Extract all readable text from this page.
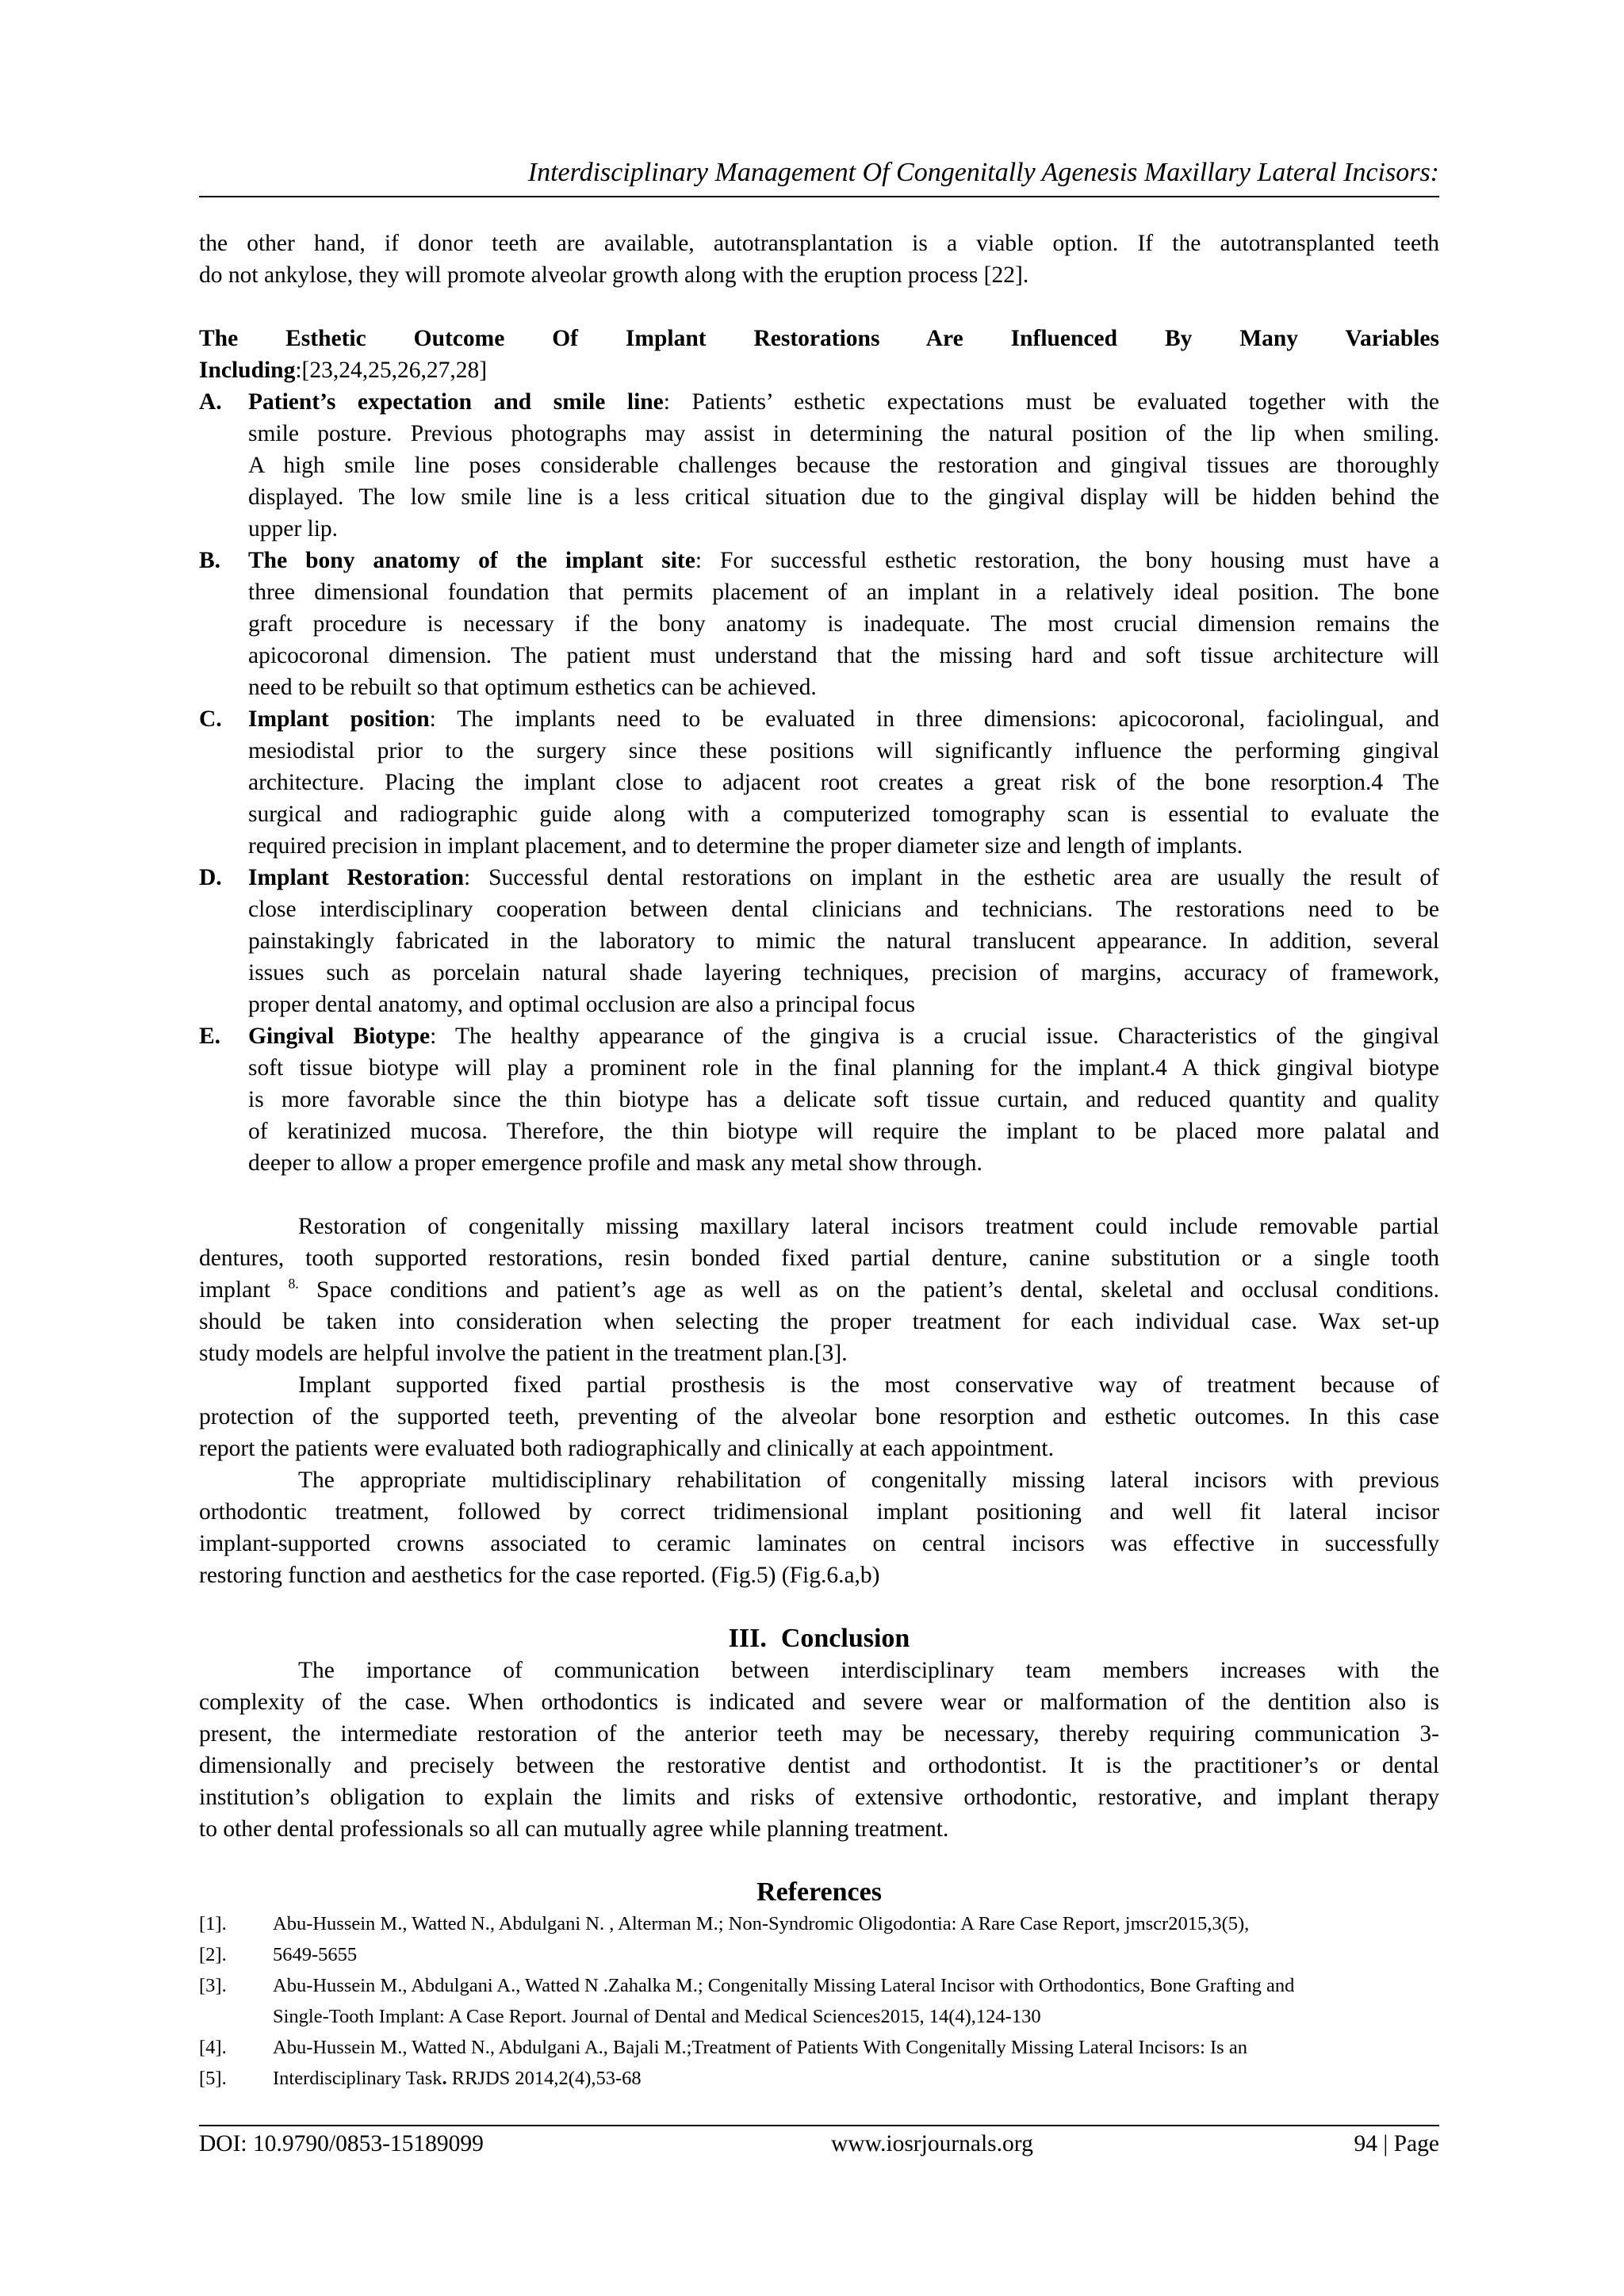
Interdisciplinary Management Of Congenitally Agenesis Maxillary Lateral Incisors:
the other hand, if donor teeth are available, autotransplantation is a viable option. If the autotransplanted teeth
do not ankylose, they will promote alveolar growth along with the eruption process [22].
The Esthetic Outcome Of Implant Restorations Are Influenced By Many Variables
Including:[23,24,25,26,27,28]
A. Patient’s expectation and smile line: Patients’ esthetic expectations must be evaluated together with the
smile posture. Previous photographs may assist in determining the natural position of the lip when smiling.
A high smile line poses considerable challenges because the restoration and gingival tissues are thoroughly
displayed. The low smile line is a less critical situation due to the gingival display will be hidden behind the
upper lip.
B. The bony anatomy of the implant site: For successful esthetic restoration, the bony housing must have a
three dimensional foundation that permits placement of an implant in a relatively ideal position. The bone
graft procedure is necessary if the bony anatomy is inadequate. The most crucial dimension remains the
apicocoronal dimension. The patient must understand that the missing hard and soft tissue architecture will
need to be rebuilt so that optimum esthetics can be achieved.
C. Implant position: The implants need to be evaluated in three dimensions: apicocoronal, faciolingual, and
mesiodistal prior to the surgery since these positions will significantly influence the performing gingival
architecture. Placing the implant close to adjacent root creates a great risk of the bone resorption.4 The
surgical and radiographic guide along with a computerized tomography scan is essential to evaluate the
required precision in implant placement, and to determine the proper diameter size and length of implants.
D. Implant Restoration: Successful dental restorations on implant in the esthetic area are usually the result of
close interdisciplinary cooperation between dental clinicians and technicians. The restorations need to be
painstakingly fabricated in the laboratory to mimic the natural translucent appearance. In addition, several
issues such as porcelain natural shade layering techniques, precision of margins, accuracy of framework,
proper dental anatomy, and optimal occlusion are also a principal focus
E. Gingival Biotype: The healthy appearance of the gingiva is a crucial issue. Characteristics of the gingival
soft tissue biotype will play a prominent role in the final planning for the implant.4 A thick gingival biotype
is more favorable since the thin biotype has a delicate soft tissue curtain, and reduced quantity and quality
of keratinized mucosa. Therefore, the thin biotype will require the implant to be placed more palatal and
deeper to allow a proper emergence profile and mask any metal show through.
Restoration of congenitally missing maxillary lateral incisors treatment could include removable partial
dentures, tooth supported restorations, resin bonded fixed partial denture, canine substitution or a single tooth
implant $^{8.}$ Space conditions and patient’s age as well as on the patient’s dental, skeletal and occlusal conditions.
should be taken into consideration when selecting the proper treatment for each individual case. Wax set-up
study models are helpful involve the patient in the treatment plan.[3].
Implant supported fixed partial prosthesis is the most conservative way of treatment because of
protection of the supported teeth, preventing of the alveolar bone resorption and esthetic outcomes. In this case
report the patients were evaluated both radiographically and clinically at each appointment.
The appropriate multidisciplinary rehabilitation of congenitally missing lateral incisors with previous
orthodontic treatment, followed by correct tridimensional implant positioning and well fit lateral incisor
implant-supported crowns associated to ceramic laminates on central incisors was effective in successfully
restoring function and aesthetics for the case reported. (Fig.5) (Fig.6.a,b)
III. Conclusion
The importance of communication between interdisciplinary team members increases with the
complexity of the case. When orthodontics is indicated and severe wear or malformation of the dentition also is
present, the intermediate restoration of the anterior teeth may be necessary, thereby requiring communication 3-
dimensionally and precisely between the restorative dentist and orthodontist. It is the practitioner’s or dental
institution’s obligation to explain the limits and risks of extensive orthodontic, restorative, and implant therapy
to other dental professionals so all can mutually agree while planning treatment.
References
[1]. Abu-Hussein M., Watted N., Abdulgani N. , Alterman M.; Non-Syndromic Oligodontia: A Rare Case Report, jmscr2015,3(5),
[2]. 5649-5655
[3]. Abu-Hussein M., Abdulgani A., Watted N .Zahalka M.; Congenitally Missing Lateral Incisor with Orthodontics, Bone Grafting and
Single-Tooth Implant: A Case Report. Journal of Dental and Medical Sciences2015, 14(4),124-130
[4]. Abu-Hussein M., Watted N., Abdulgani A., Bajali M.;Treatment of Patients With Congenitally Missing Lateral Incisors: Is an
[5]. Interdisciplinary Task. RRJDS 2014,2(4),53-68
DOI: 10.9790/0853-15189099	www.iosrjournals.org	94 | Page
